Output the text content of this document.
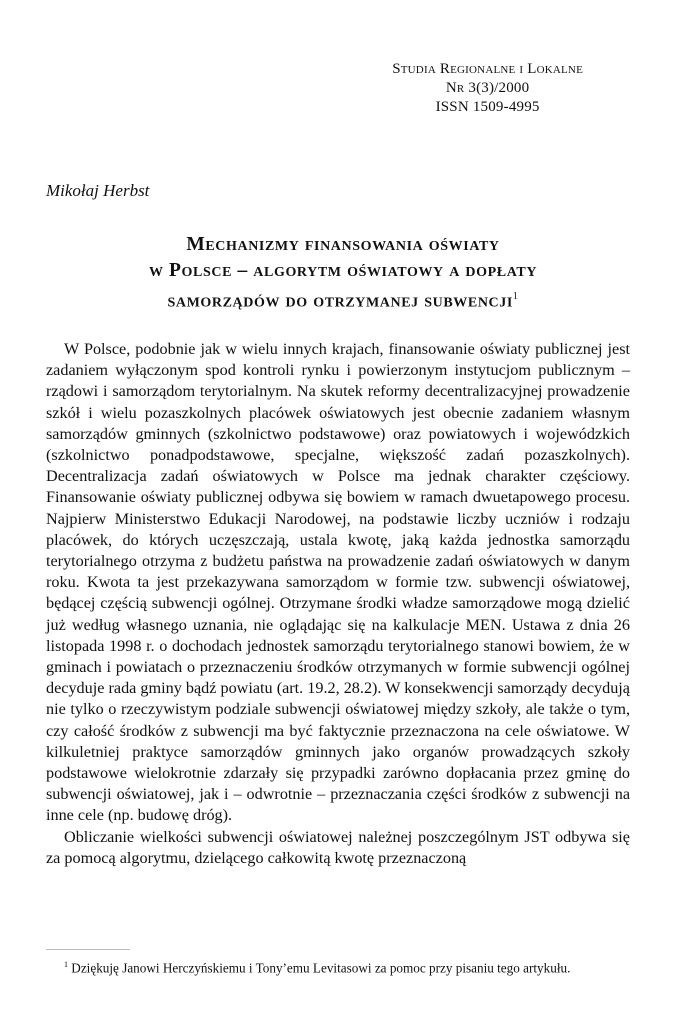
Studia Regionalne i Lokalne
Nr 3(3)/2000
ISSN 1509-4995
Mikołaj Herbst
Mechanizmy finansowania oświaty
w Polsce – algorytm oświatowy a dopłaty
samorządów do otrzymanej subwencji$^1$

W Polsce, podobnie jak w wielu innych krajach, finansowanie oświaty publicznej jest zadaniem wyłączonym spod kontroli rynku i powierzonym instytucjom publicznym – rządowi i samorządom terytorialnym. Na skutek reformy decentralizacyjnej prowadzenie szkół i wielu pozaszkolnych placówek oświatowych jest obecnie zadaniem własnym samorządów gminnych (szkolnictwo podstawowe) oraz powiatowych i wojewódzkich (szkolnictwo ponadpodstawowe, specjalne, większość zadań pozaszkolnych). Decentralizacja zadań oświatowych w Polsce ma jednak charakter częściowy. Finansowanie oświaty publicznej odbywa się bowiem w ramach dwuetapowego procesu. Najpierw Ministerstwo Edukacji Narodowej, na podstawie liczby uczniów i rodzaju placówek, do których uczęszczają, ustala kwotę, jaką każda jednostka samorządu terytorialnego otrzyma z budżetu państwa na prowadzenie zadań oświatowych w danym roku. Kwota ta jest przekazywana samorządom w formie tzw. subwencji oświatowej, będącej częścią subwencji ogólnej. Otrzymane środki władze samorządowe mogą dzielić już według własnego uznania, nie oglądając się na kalkulacje MEN. Ustawa z dnia 26 listopada 1998 r. o dochodach jednostek samorządu terytorialnego stanowi bowiem, że w gminach i powiatach o przeznaczeniu środków otrzymanych w formie subwencji ogólnej decyduje rada gminy bądź powiatu (art. 19.2, 28.2). W konsekwencji samorządy decydują nie tylko o rzeczywistym podziale subwencji oświatowej między szkoły, ale także o tym, czy całość środków z subwencji ma być faktycznie przeznaczona na cele oświatowe. W kilkuletniej praktyce samorządów gminnych jako organów prowadzących szkoły podstawowe wielokrotnie zdarzały się przypadki zarówno dopłacania przez gminę do subwencji oświatowej, jak i – odwrotnie – przeznaczania części środków z subwencji na inne cele (np. budowę dróg).

Obliczanie wielkości subwencji oświatowej należnej poszczególnym JST odbywa się za pomocą algorytmu, dzielącego całkowitą kwotę przeznaczoną

$^1$ Dziękuję Janowi Herczyńskiemu i Tony’emu Levitasowi za pomoc przy pisaniu tego artykułu.
